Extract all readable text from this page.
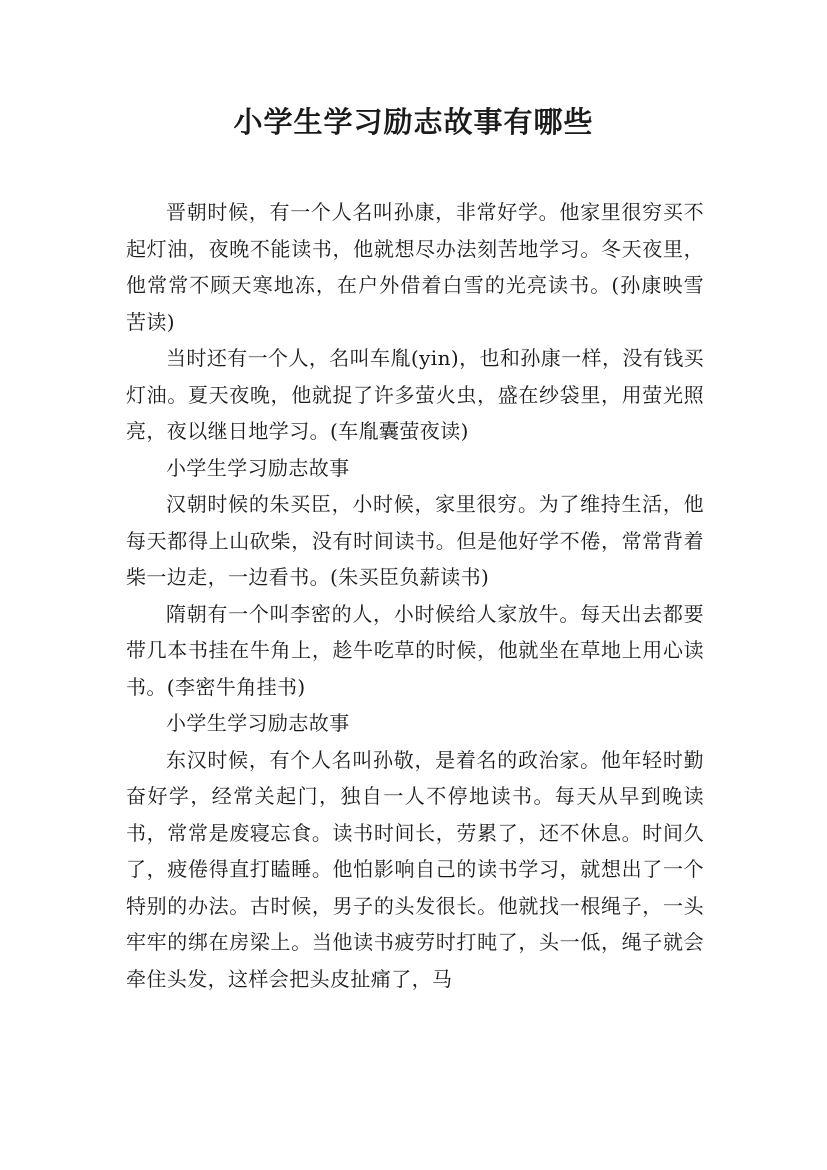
小学生学习励志故事有哪些

晋朝时候，有一个人名叫孙康，非常好学。他家里很穷买不起灯油，夜晚不能读书，他就想尽办法刻苦地学习。冬天夜里，他常常不顾天寒地冻，在户外借着白雪的光亮读书。(孙康映雪苦读)

当时还有一个人，名叫车胤(yin)，也和孙康一样，没有钱买灯油。夏天夜晚，他就捉了许多萤火虫，盛在纱袋里，用萤光照亮，夜以继日地学习。(车胤囊萤夜读)

小学生学习励志故事

汉朝时候的朱买臣，小时候，家里很穷。为了维持生活，他每天都得上山砍柴，没有时间读书。但是他好学不倦，常常背着柴一边走，一边看书。(朱买臣负薪读书)

隋朝有一个叫李密的人，小时候给人家放牛。每天出去都要带几本书挂在牛角上，趁牛吃草的时候，他就坐在草地上用心读书。(李密牛角挂书)

小学生学习励志故事

东汉时候，有个人名叫孙敬，是着名的政治家。他年轻时勤奋好学，经常关起门，独自一人不停地读书。每天从早到晚读书，常常是废寝忘食。读书时间长，劳累了，还不休息。时间久了，疲倦得直打瞌睡。他怕影响自己的读书学习，就想出了一个特别的办法。古时候，男子的头发很长。他就找一根绳子，一头牢牢的绑在房梁上。当他读书疲劳时打盹了，头一低，绳子就会牵住头发，这样会把头皮扯痛了，马
